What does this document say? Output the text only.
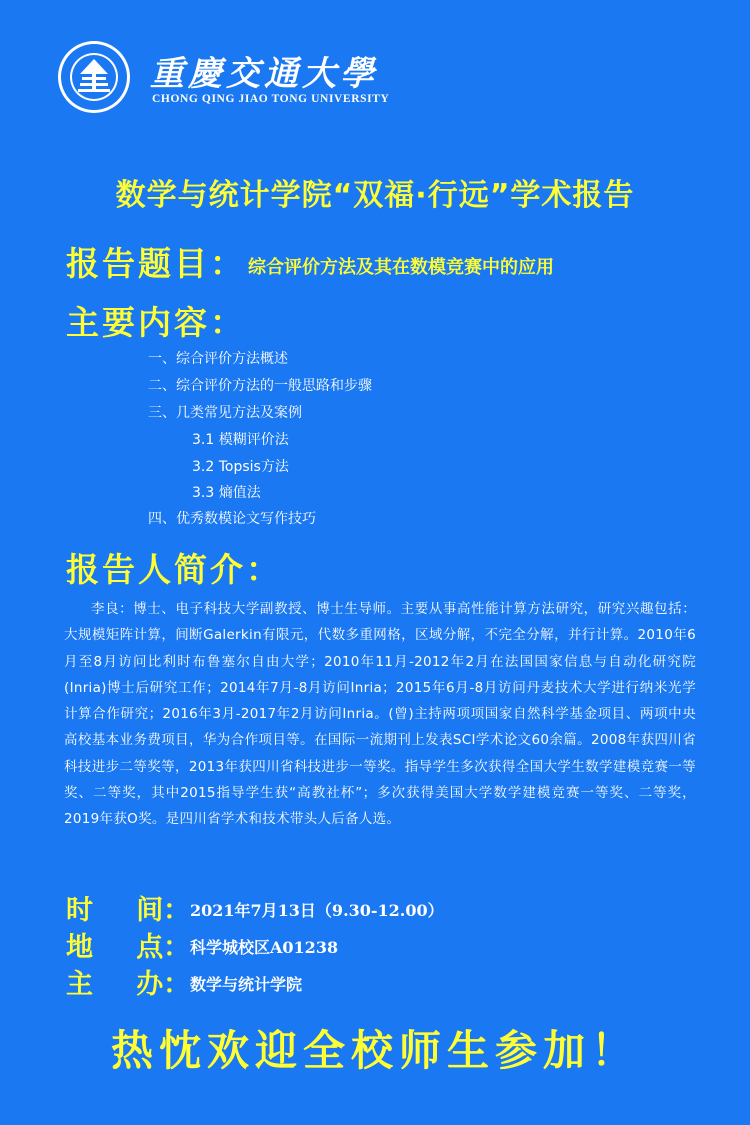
重慶交通大學
CHONG QING JIAO TONG UNIVERSITY
数学与统计学院“双福·行远”学术报告
报告题目： 综合评价方法及其在数模竞赛中的应用
主要内容：
一、综合评价方法概述
二、综合评价方法的一般思路和步骤
三、几类常见方法及案例
3.1 模糊评价法
3.2 Topsis方法
3.3 熵值法
四、优秀数模论文写作技巧
报告人简介：
李良：博士、电子科技大学副教授、博士生导师。主要从事高性能计算方法研究，研究兴趣包括：大规模矩阵计算，间断Galerkin有限元，代数多重网格，区域分解，不完全分解，并行计算。2010年6月至8月访问比利时布鲁塞尔自由大学；2010年11月-2012年2月在法国国家信息与自动化研究院(Inria)博士后研究工作；2014年7月-8月访问Inria；2015年6月-8月访问丹麦技术大学进行纳米光学计算合作研究；2016年3月-2017年2月访问Inria。(曾)主持两项项国家自然科学基金项目、两项中央高校基本业务费项目，华为合作项目等。在国际一流期刊上发表SCI学术论文60余篇。2008年获四川省科技进步二等奖等，2013年获四川省科技进步一等奖。指导学生多次获得全国大学生数学建模竞赛一等奖、二等奖，其中2015指导学生获“高教社杯”；多次获得美国大学数学建模竞赛一等奖、二等奖，2019年获O奖。是四川省学术和技术带头人后备人选。
时 间： 2021年7月13日（9.30-12.00）
地 点： 科学城校区A01238
主 办： 数学与统计学院
热忱欢迎全校师生参加！
